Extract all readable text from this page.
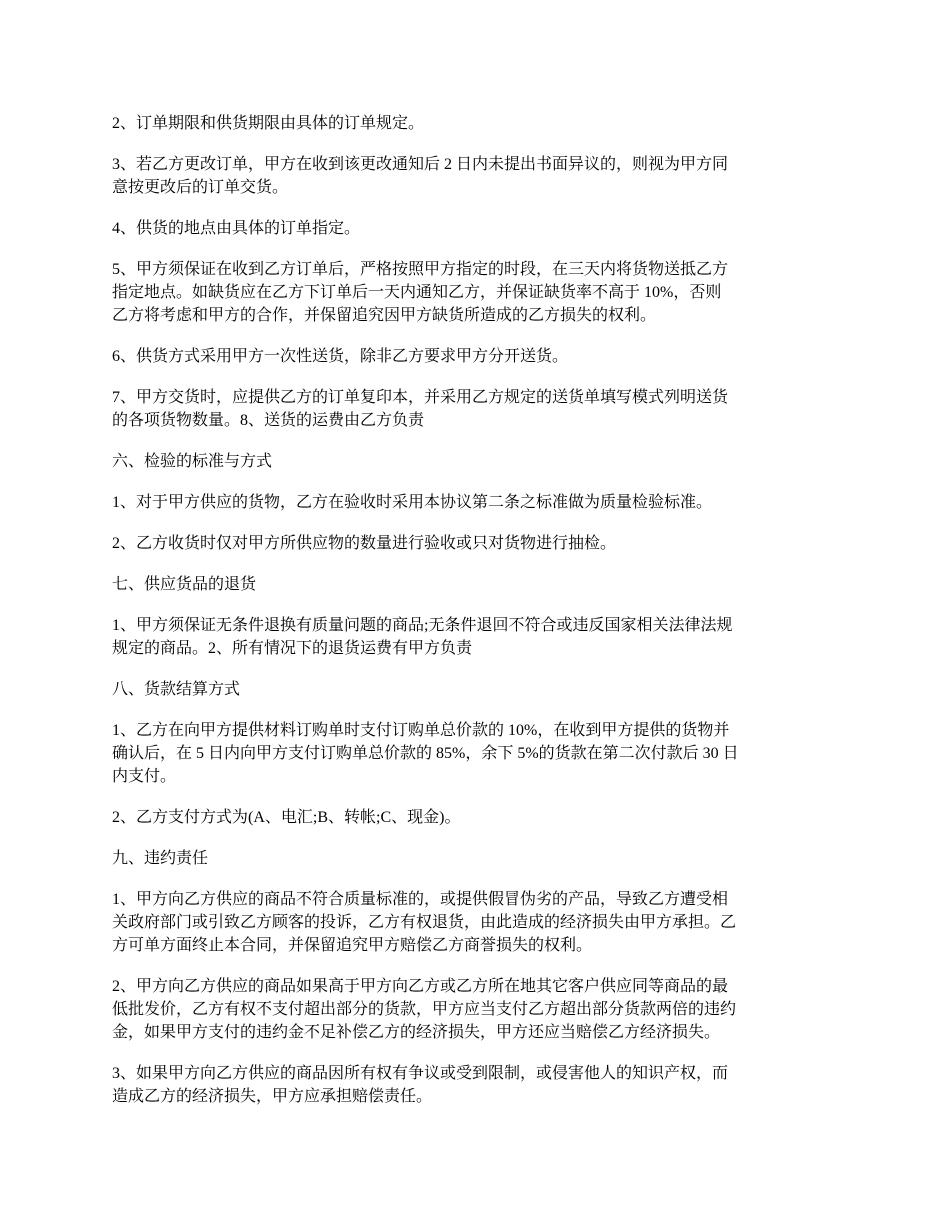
2、订单期限和供货期限由具体的订单规定。
3、若乙方更改订单，甲方在收到该更改通知后 2 日内未提出书面异议的，则视为甲方同
意按更改后的订单交货。
4、供货的地点由具体的订单指定。
5、甲方须保证在收到乙方订单后，严格按照甲方指定的时段，在三天内将货物送抵乙方
指定地点。如缺货应在乙方下订单后一天内通知乙方，并保证缺货率不高于 10%，否则
乙方将考虑和甲方的合作，并保留追究因甲方缺货所造成的乙方损失的权利。
6、供货方式采用甲方一次性送货，除非乙方要求甲方分开送货。
7、甲方交货时，应提供乙方的订单复印本，并采用乙方规定的送货单填写模式列明送货
的各项货物数量。8、送货的运费由乙方负责
六、检验的标准与方式
1、对于甲方供应的货物，乙方在验收时采用本协议第二条之标准做为质量检验标准。
2、乙方收货时仅对甲方所供应物的数量进行验收或只对货物进行抽检。
七、供应货品的退货
1、甲方须保证无条件退换有质量问题的商品;无条件退回不符合或违反国家相关法律法规
规定的商品。2、所有情况下的退货运费有甲方负责
八、货款结算方式
1、乙方在向甲方提供材料订购单时支付订购单总价款的 10%，在收到甲方提供的货物并
确认后，在 5 日内向甲方支付订购单总价款的 85%，余下 5%的货款在第二次付款后 30 日
内支付。
2、乙方支付方式为(A、电汇;B、转帐;C、现金)。
九、违约责任
1、甲方向乙方供应的商品不符合质量标准的，或提供假冒伪劣的产品，导致乙方遭受相
关政府部门或引致乙方顾客的投诉，乙方有权退货，由此造成的经济损失由甲方承担。乙
方可单方面终止本合同，并保留追究甲方赔偿乙方商誉损失的权利。
2、甲方向乙方供应的商品如果高于甲方向乙方或乙方所在地其它客户供应同等商品的最
低批发价，乙方有权不支付超出部分的货款，甲方应当支付乙方超出部分货款两倍的违约
金，如果甲方支付的违约金不足补偿乙方的经济损失，甲方还应当赔偿乙方经济损失。
3、如果甲方向乙方供应的商品因所有权有争议或受到限制，或侵害他人的知识产权，而
造成乙方的经济损失，甲方应承担赔偿责任。
